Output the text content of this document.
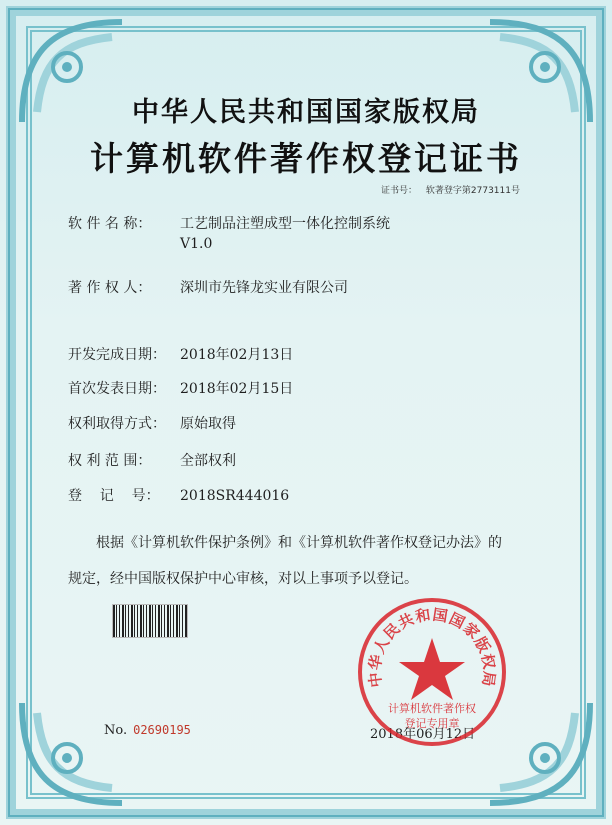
中华人民共和国国家版权局
计算机软件著作权登记证书
证书号： 软著登字第2773111号
软 件 名 称： 工艺制品注塑成型一体化控制系统
V1.0
著 作 权 人： 深圳市先锋龙实业有限公司
开发完成日期： 2018年02月13日
首次发表日期： 2018年02月15日
权利取得方式： 原始取得
权 利 范 围： 全部权利
登    记    号： 2018SR444016
根据《计算机软件保护条例》和《计算机软件著作权登记办法》的
规定，经中国版权保护中心审核，对以上事项予以登记。
No. 02690195	2018年06月12日
中华人民共和国国家版权局
计算机软件著作权
登记专用章
